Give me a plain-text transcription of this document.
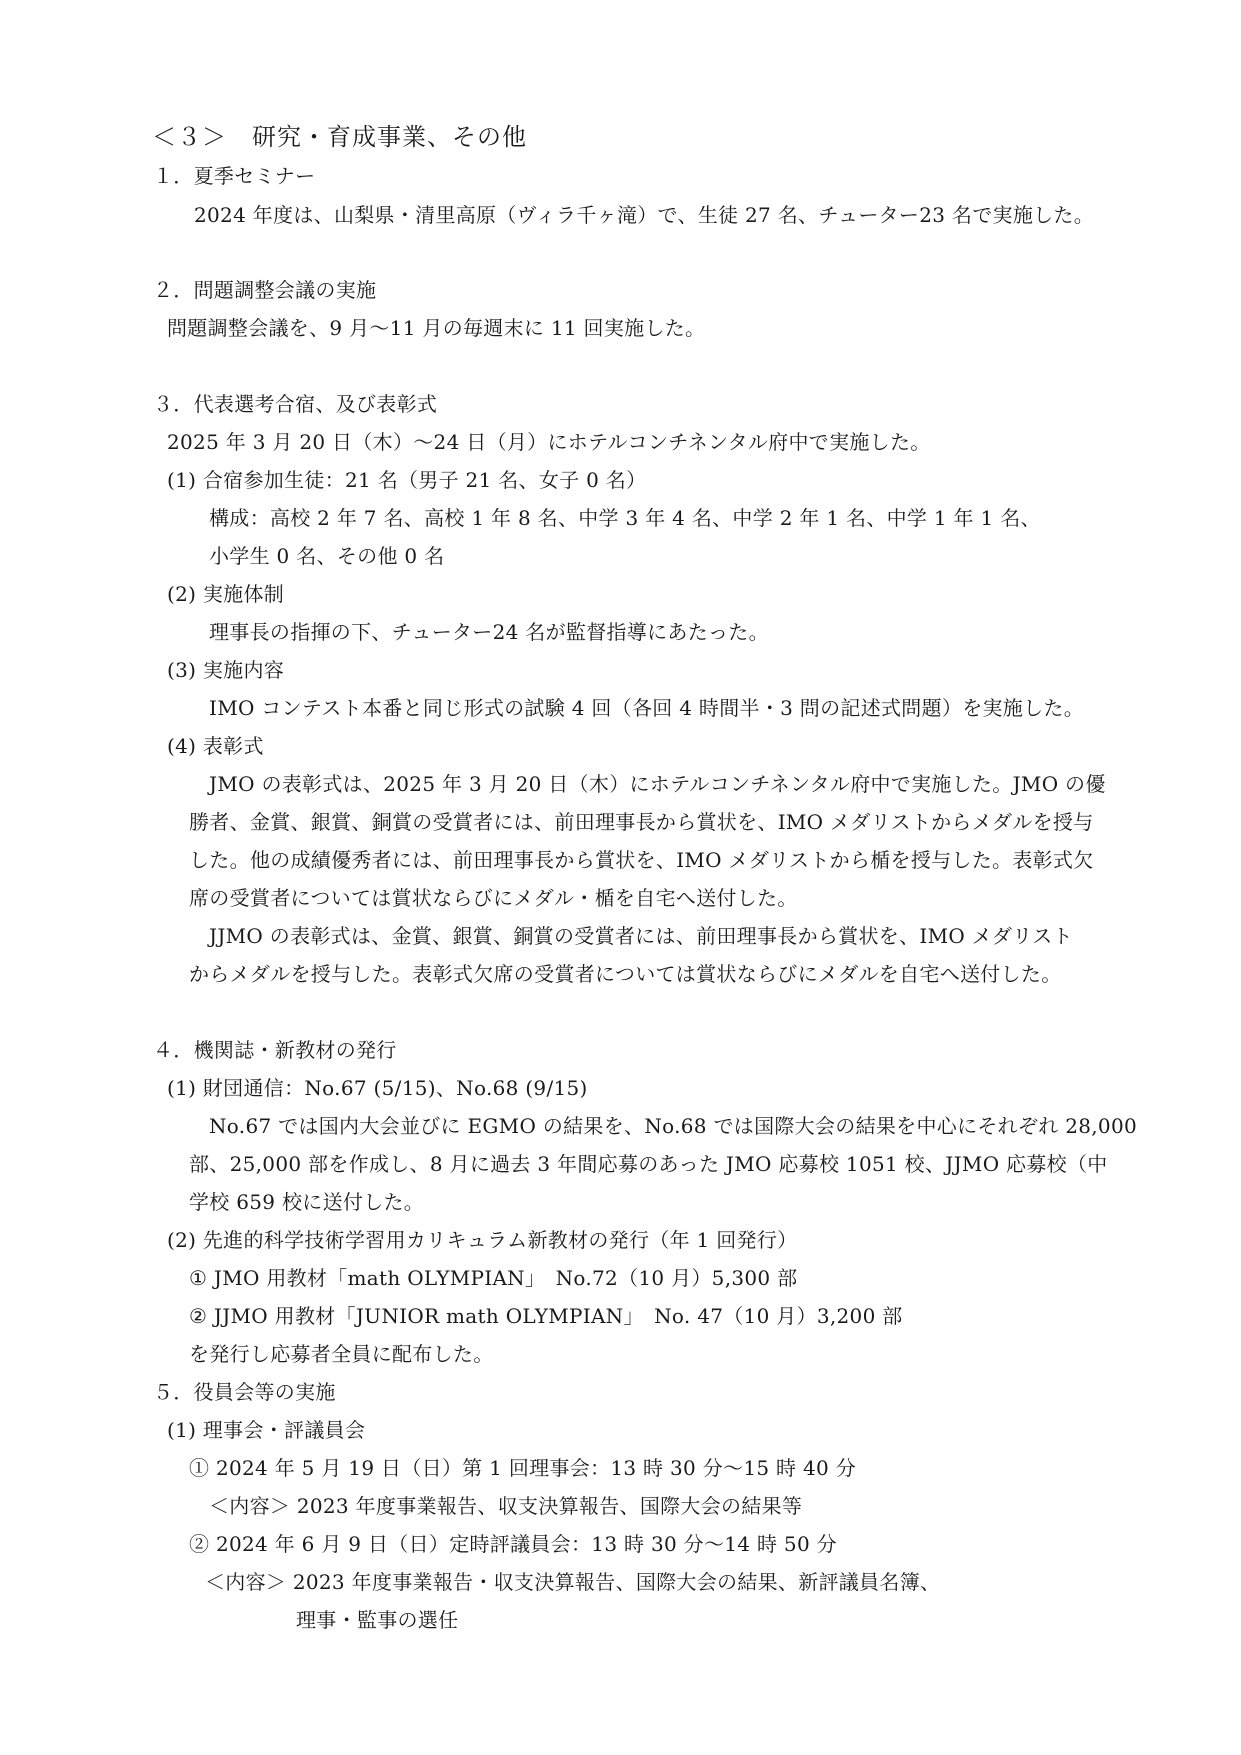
＜３＞　研究・育成事業、その他
１．夏季セミナー
2024 年度は、山梨県・清里高原（ヴィラ千ヶ滝）で、生徒 27 名、チューター23 名で実施した。
２．問題調整会議の実施
問題調整会議を、9 月～11 月の毎週末に 11 回実施した。
３．代表選考合宿、及び表彰式
2025 年 3 月 20 日（木）～24 日（月）にホテルコンチネンタル府中で実施した。
(1) 合宿参加生徒：21 名（男子 21 名、女子 0 名）
構成：高校 2 年 7 名、高校 1 年 8 名、中学 3 年 4 名、中学 2 年 1 名、中学 1 年 1 名、
小学生 0 名、その他 0 名
(2) 実施体制
理事長の指揮の下、チューター24 名が監督指導にあたった。
(3) 実施内容
IMO コンテスト本番と同じ形式の試験 4 回（各回 4 時間半・3 問の記述式問題）を実施した。
(4) 表彰式
JMO の表彰式は、2025 年 3 月 20 日（木）にホテルコンチネンタル府中で実施した。JMO の優
勝者、金賞、銀賞、銅賞の受賞者には、前田理事長から賞状を、IMO メダリストからメダルを授与
した。他の成績優秀者には、前田理事長から賞状を、IMO メダリストから楯を授与した。表彰式欠
席の受賞者については賞状ならびにメダル・楯を自宅へ送付した。
JJMO の表彰式は、金賞、銀賞、銅賞の受賞者には、前田理事長から賞状を、IMO メダリスト
からメダルを授与した。表彰式欠席の受賞者については賞状ならびにメダルを自宅へ送付した。
４．機関誌・新教材の発行
(1) 財団通信：No.67 (5/15)、No.68 (9/15)
No.67 では国内大会並びに EGMO の結果を、No.68 では国際大会の結果を中心にそれぞれ 28,000
部、25,000 部を作成し、8 月に過去 3 年間応募のあった JMO 応募校 1051 校、JJMO 応募校（中
学校 659 校に送付した。
(2) 先進的科学技術学習用カリキュラム新教材の発行（年 1 回発行）
① JMO 用教材「math OLYMPIAN」　No.72（10 月）5,300 部
② JJMO 用教材「JUNIOR math OLYMPIAN」　No. 47（10 月）3,200 部
を発行し応募者全員に配布した。
５．役員会等の実施
(1) 理事会・評議員会
① 2024 年 5 月 19 日（日）第 1 回理事会：13 時 30 分～15 時 40 分
＜内容＞ 2023 年度事業報告、収支決算報告、国際大会の結果等
② 2024 年 6 月 9 日（日）定時評議員会：13 時 30 分～14 時 50 分
＜内容＞ 2023 年度事業報告・収支決算報告、国際大会の結果、新評議員名簿、
理事・監事の選任
